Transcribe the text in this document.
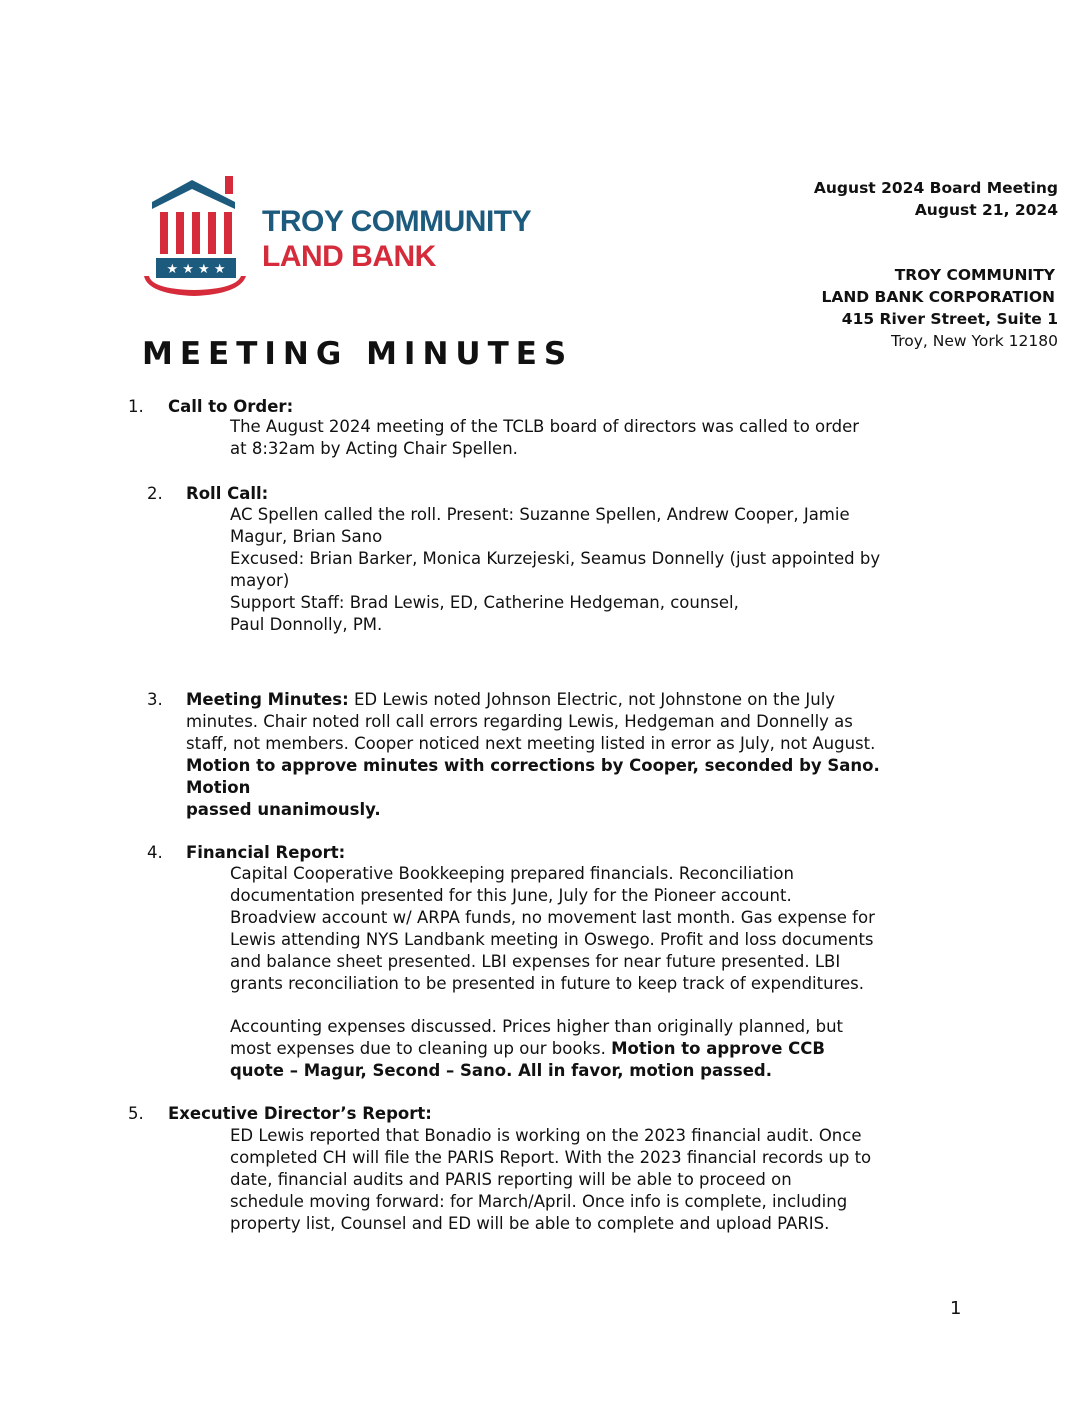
★ ★ ★ ★
TROY COMMUNITY
LAND BANK
August 2024 Board Meeting
August 21, 2024
TROY COMMUNITY
LAND BANK CORPORATION
415 River Street, Suite 1
Troy, New York 12180
MEETING MINUTES
1. Call to Order:
The August 2024 meeting of the TCLB board of directors was called to order
at 8:32am by Acting Chair Spellen.
2. Roll Call:
AC Spellen called the roll. Present: Suzanne Spellen, Andrew Cooper, Jamie
Magur, Brian Sano
Excused: Brian Barker, Monica Kurzejeski, Seamus Donnelly (just appointed by
mayor)
Support Staff: Brad Lewis, ED, Catherine Hedgeman, counsel,
Paul Donnolly, PM.
3. Meeting Minutes: ED Lewis noted Johnson Electric, not Johnstone on the July
minutes. Chair noted roll call errors regarding Lewis, Hedgeman and Donnelly as
staff, not members. Cooper noticed next meeting listed in error as July, not August.
Motion to approve minutes with corrections by Cooper, seconded by Sano. Motion
passed unanimously.
4. Financial Report:
Capital Cooperative Bookkeeping prepared financials. Reconciliation
documentation presented for this June, July for the Pioneer account.
Broadview account w/ ARPA funds, no movement last month. Gas expense for
Lewis attending NYS Landbank meeting in Oswego. Profit and loss documents
and balance sheet presented. LBI expenses for near future presented. LBI
grants reconciliation to be presented in future to keep track of expenditures.
Accounting expenses discussed. Prices higher than originally planned, but
most expenses due to cleaning up our books. Motion to approve CCB
quote – Magur, Second – Sano. All in favor, motion passed.
5. Executive Director’s Report:
ED Lewis reported that Bonadio is working on the 2023 financial audit. Once
completed CH will file the PARIS Report. With the 2023 financial records up to
date, financial audits and PARIS reporting will be able to proceed on
schedule moving forward: for March/April. Once info is complete, including
property list, Counsel and ED will be able to complete and upload PARIS.
1
